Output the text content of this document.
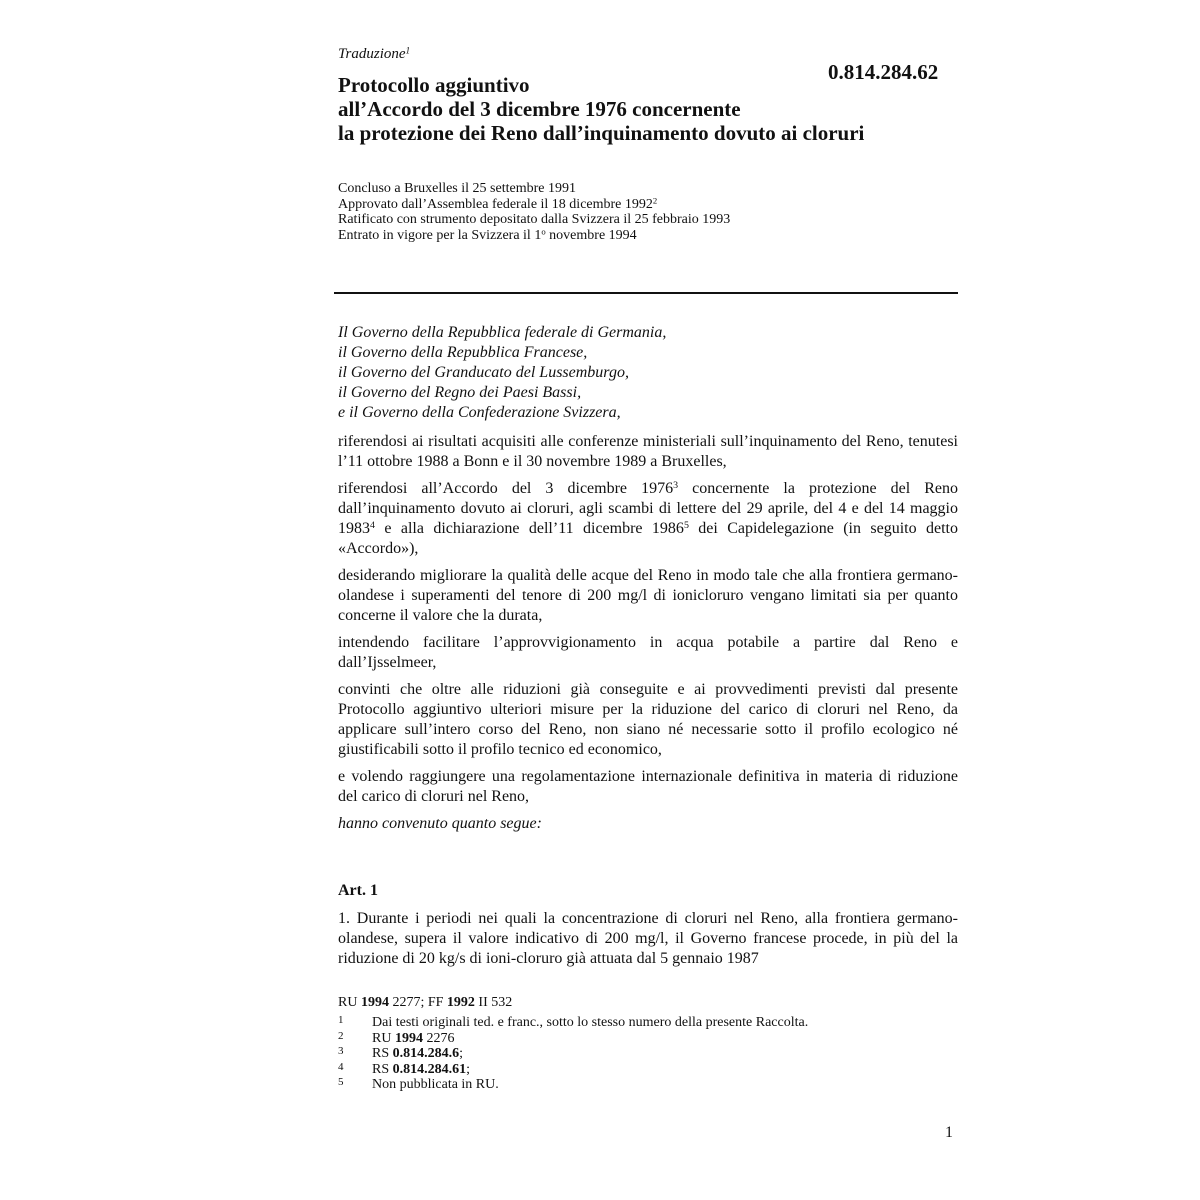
Traduzione$^1$
0.814.284.62
Protocollo aggiuntivo
all’Accordo del 3 dicembre 1976 concernente
la protezione dei Reno dall’inquinamento dovuto ai cloruri
Concluso a Bruxelles il 25 settembre 1991
Approvato dall’Assemblea federale il 18 dicembre 1992$^2$
Ratificato con strumento depositato dalla Svizzera il 25 febbraio 1993
Entrato in vigore per la Svizzera il 1$^o$ novembre 1994
Il Governo della Repubblica federale di Germania,
il Governo della Repubblica Francese,
il Governo del Granducato del Lussemburgo,
il Governo del Regno dei Paesi Bassi,
e il Governo della Confederazione Svizzera,

riferendosi ai risultati acquisiti alle conferenze ministeriali sull’inquinamento del Reno, tenutesi l’11 ottobre 1988 a Bonn e il 30 novembre 1989 a Bruxelles,

riferendosi all’Accordo del 3 dicembre 1976$^3$ concernente la protezione del Reno dall’inquinamento dovuto ai cloruri, agli scambi di lettere del 29 aprile, del 4 e del 14 maggio 1983$^4$ e alla dichiarazione dell’11 dicembre 1986$^5$ dei Capidelegazione (in seguito detto «Accordo»),

desiderando migliorare la qualità delle acque del Reno in modo tale che alla frontiera germano-olandese i superamenti del tenore di 200 mg/l di ionicloruro vengano limitati sia per quanto concerne il valore che la durata,

intendendo facilitare l’approvvigionamento in acqua potabile a partire dal Reno e dall’Ijsselmeer,

convinti che oltre alle riduzioni già conseguite e ai provvedimenti previsti dal presente Protocollo aggiuntivo ulteriori misure per la riduzione del carico di cloruri nel Reno, da applicare sull’intero corso del Reno, non siano né necessarie sotto il profilo ecologico né giustificabili sotto il profilo tecnico ed economico,

e volendo raggiungere una regolamentazione internazionale definitiva in materia di riduzione del carico di cloruri nel Reno,

hanno convenuto quanto segue:

Art. 1
1. Durante i periodi nei quali la concentrazione di cloruri nel Reno, alla frontiera germano-olandese, supera il valore indicativo di 200 mg/l, il Governo francese procede, in più del la riduzione di 20 kg/s di ioni-cloruro già attuata dal 5 gennaio 1987
RU 1994 2277; FF 1992 II 532
1	Dai testi originali ted. e franc., sotto lo stesso numero della presente Raccolta.
2	RU 1994 2276
3	RS 0.814.284.6;
4	RS 0.814.284.61;
5	Non pubblicata in RU.
1
